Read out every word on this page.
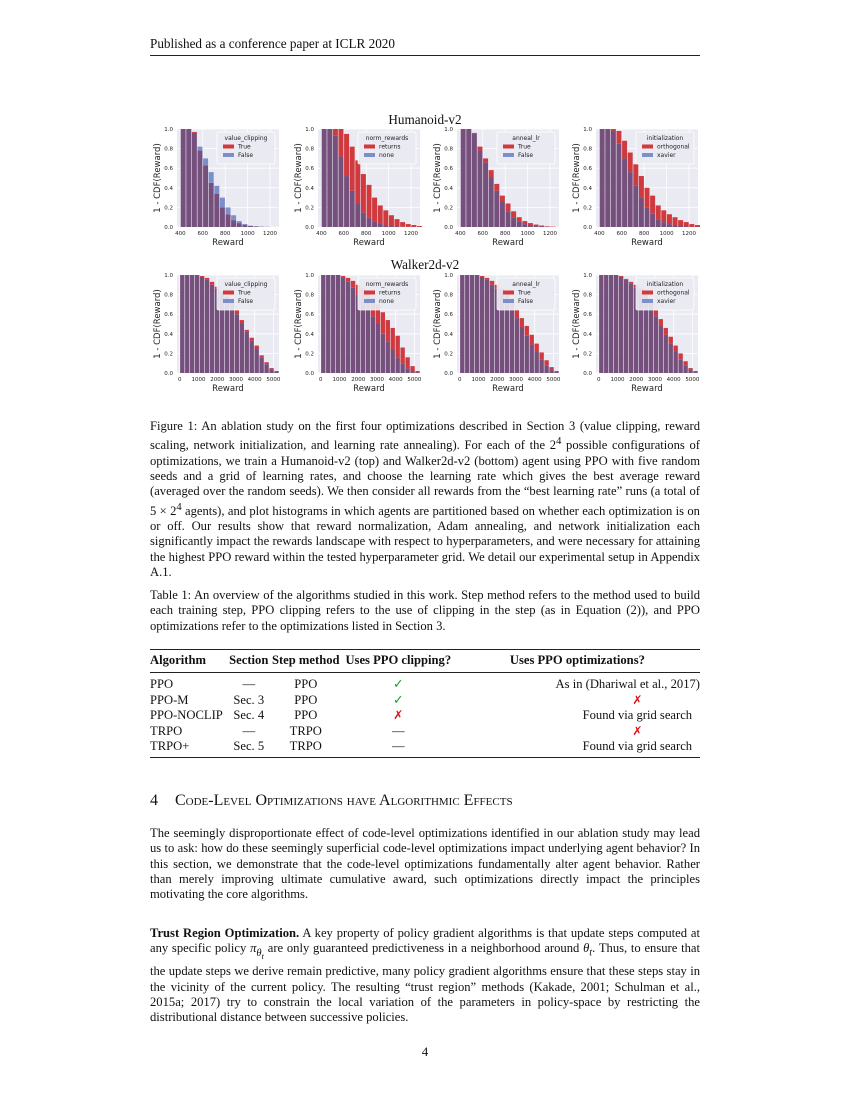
Published as a conference paper at ICLR 2020
Humanoid-v2
Walker2d-v2
0.0
0.2
0.4
0.6
0.8
1.0
400 600 800 1000 1200
Reward
1 - CDF(Reward)
value_clipping
True
False
0.0
0.2
0.4
0.6
0.8
1.0
400 600 800 1000 1200
Reward
1 - CDF(Reward)
norm_rewards
returns
none
0.0
0.2
0.4
0.6
0.8
1.0
400 600 800 1000 1200
Reward
1 - CDF(Reward)
anneal_lr
True
False
0.0
0.2
0.4
0.6
0.8
1.0
400 600 800 1000 1200
Reward
1 - CDF(Reward)
initialization
orthogonal
xavier
0.0
0.2
0.4
0.6
0.8
1.0
0 1000 2000 3000 4000 5000
Reward
1 - CDF(Reward)
value_clipping
True
False
0.0
0.2
0.4
0.6
0.8
1.0
0 1000 2000 3000 4000 5000
Reward
1 - CDF(Reward)
norm_rewards
returns
none
0.0
0.2
0.4
0.6
0.8
1.0
0 1000 2000 3000 4000 5000
Reward
1 - CDF(Reward)
anneal_lr
True
False
0.0
0.2
0.4
0.6
0.8
1.0
0 1000 2000 3000 4000 5000
Reward
1 - CDF(Reward)
initialization
orthogonal
xavier
Figure 1: An ablation study on the first four optimizations described in Section 3 (value clipping, reward scaling, network initialization, and learning rate annealing). For each of the $2^4$ possible configurations of optimizations, we train a Humanoid-v2 (top) and Walker2d-v2 (bottom) agent using PPO with five random seeds and a grid of learning rates, and choose the learning rate which gives the best average reward (averaged over the random seeds). We then consider all rewards from the “best learning rate” runs (a total of $5 \times 2^4$ agents), and plot histograms in which agents are partitioned based on whether each optimization is on or off. Our results show that reward normalization, Adam annealing, and network initialization each significantly impact the rewards landscape with respect to hyperparameters, and were necessary for attaining the highest PPO reward within the tested hyperparameter grid. We detail our experimental setup in Appendix A.1.
Table 1: An overview of the algorithms studied in this work. Step method refers to the method used to build each training step, PPO clipping refers to the use of clipping in the step (as in Equation (2)), and PPO optimizations refer to the optimizations listed in Section 3.
Algorithm	Section	Step method	Uses PPO clipping?	Uses PPO optimizations?
PPO	—	PPO	✓	As in (Dhariwal et al., 2017)
PPO-M	Sec. 3	PPO	✓	✗
PPO-NOCLIP	Sec. 4	PPO	✗	Found via grid search
TRPO	—	TRPO	—	✗
TRPO+	Sec. 5	TRPO	—	Found via grid search
4 Code-Level Optimizations have Algorithmic Effects
The seemingly disproportionate effect of code-level optimizations identified in our ablation study may lead us to ask: how do these seemingly superficial code-level optimizations impact underlying agent behavior? In this section, we demonstrate that the code-level optimizations fundamentally alter agent behavior. Rather than merely improving ultimate cumulative award, such optimizations directly impact the principles motivating the core algorithms.
Trust Region Optimization. A key property of policy gradient algorithms is that update steps computed at any specific policy $\pi_{\theta_t}$ are only guaranteed predictiveness in a neighborhood around $\theta_t$. Thus, to ensure that the update steps we derive remain predictive, many policy gradient algorithms ensure that these steps stay in the vicinity of the current policy. The resulting “trust region” methods (Kakade, 2001; Schulman et al., 2015a; 2017) try to constrain the local variation of the parameters in policy-space by restricting the distributional distance between successive policies.
4
